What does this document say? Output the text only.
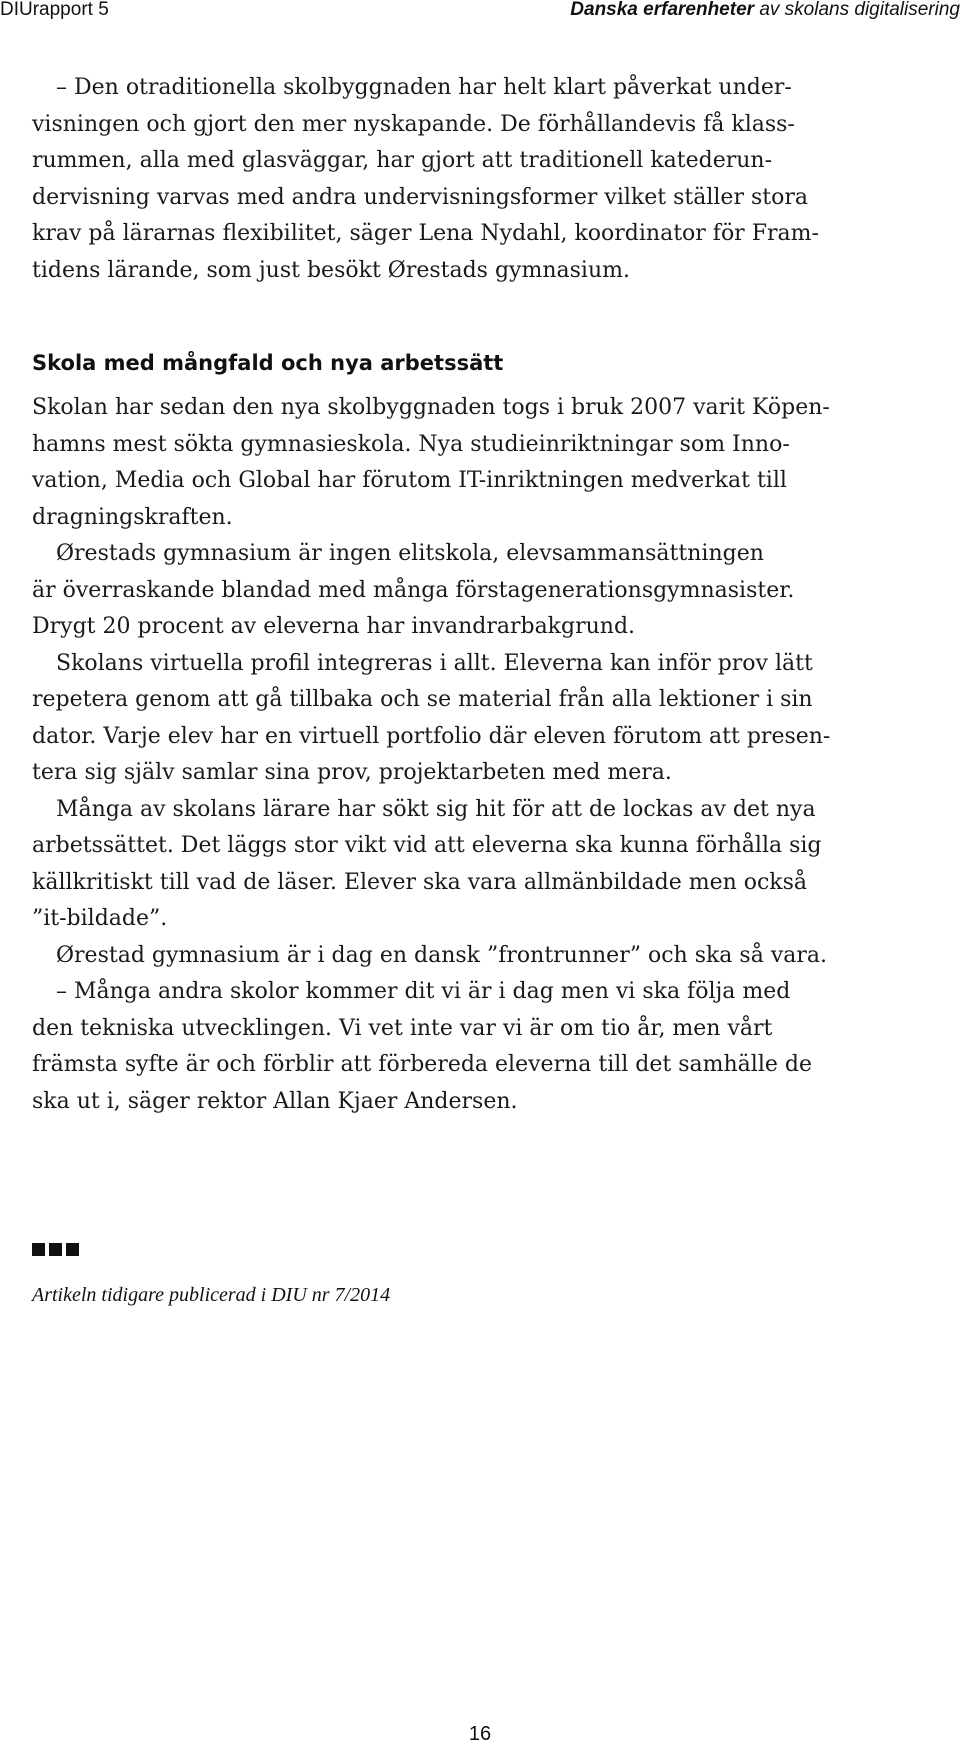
DIUrapport 5	Danska erfarenheter av skolans digitalisering
– Den otraditionella skolbyggnaden har helt klart påverkat under-
visningen och gjort den mer nyskapande. De förhållandevis få klass-
rummen, alla med glasväggar, har gjort att traditionell katederun-
dervisning varvas med andra undervisningsformer vilket ställer stora
krav på lärarnas flexibilitet, säger Lena Nydahl, koordinator för Fram-
tidens lärande, som just besökt Ørestads gymnasium.
Skola med mångfald och nya arbetssätt
Skolan har sedan den nya skolbyggnaden togs i bruk 2007 varit Köpen-
hamns mest sökta gymnasieskola. Nya studieinriktningar som Inno-
vation, Media och Global har förutom IT-inriktningen medverkat till
dragningskraften.
Ørestads gymnasium är ingen elitskola, elevsammansättningen
är överraskande blandad med många förstagenerationsgymnasister.
Drygt 20 procent av eleverna har invandrarbakgrund.
Skolans virtuella profil integreras i allt. Eleverna kan inför prov lätt
repetera genom att gå tillbaka och se material från alla lektioner i sin
dator. Varje elev har en virtuell portfolio där eleven förutom att presen-
tera sig själv samlar sina prov, projektarbeten med mera.
Många av skolans lärare har sökt sig hit för att de lockas av det nya
arbetssättet. Det läggs stor vikt vid att eleverna ska kunna förhålla sig
källkritiskt till vad de läser. Elever ska vara allmänbildade men också
”it-bildade”.
Ørestad gymnasium är i dag en dansk ”frontrunner” och ska så vara.
– Många andra skolor kommer dit vi är i dag men vi ska följa med
den tekniska utvecklingen. Vi vet inte var vi är om tio år, men vårt
främsta syfte är och förblir att förbereda eleverna till det samhälle de
ska ut i, säger rektor Allan Kjaer Andersen.
Artikeln tidigare publicerad i DIU nr 7/2014
16
